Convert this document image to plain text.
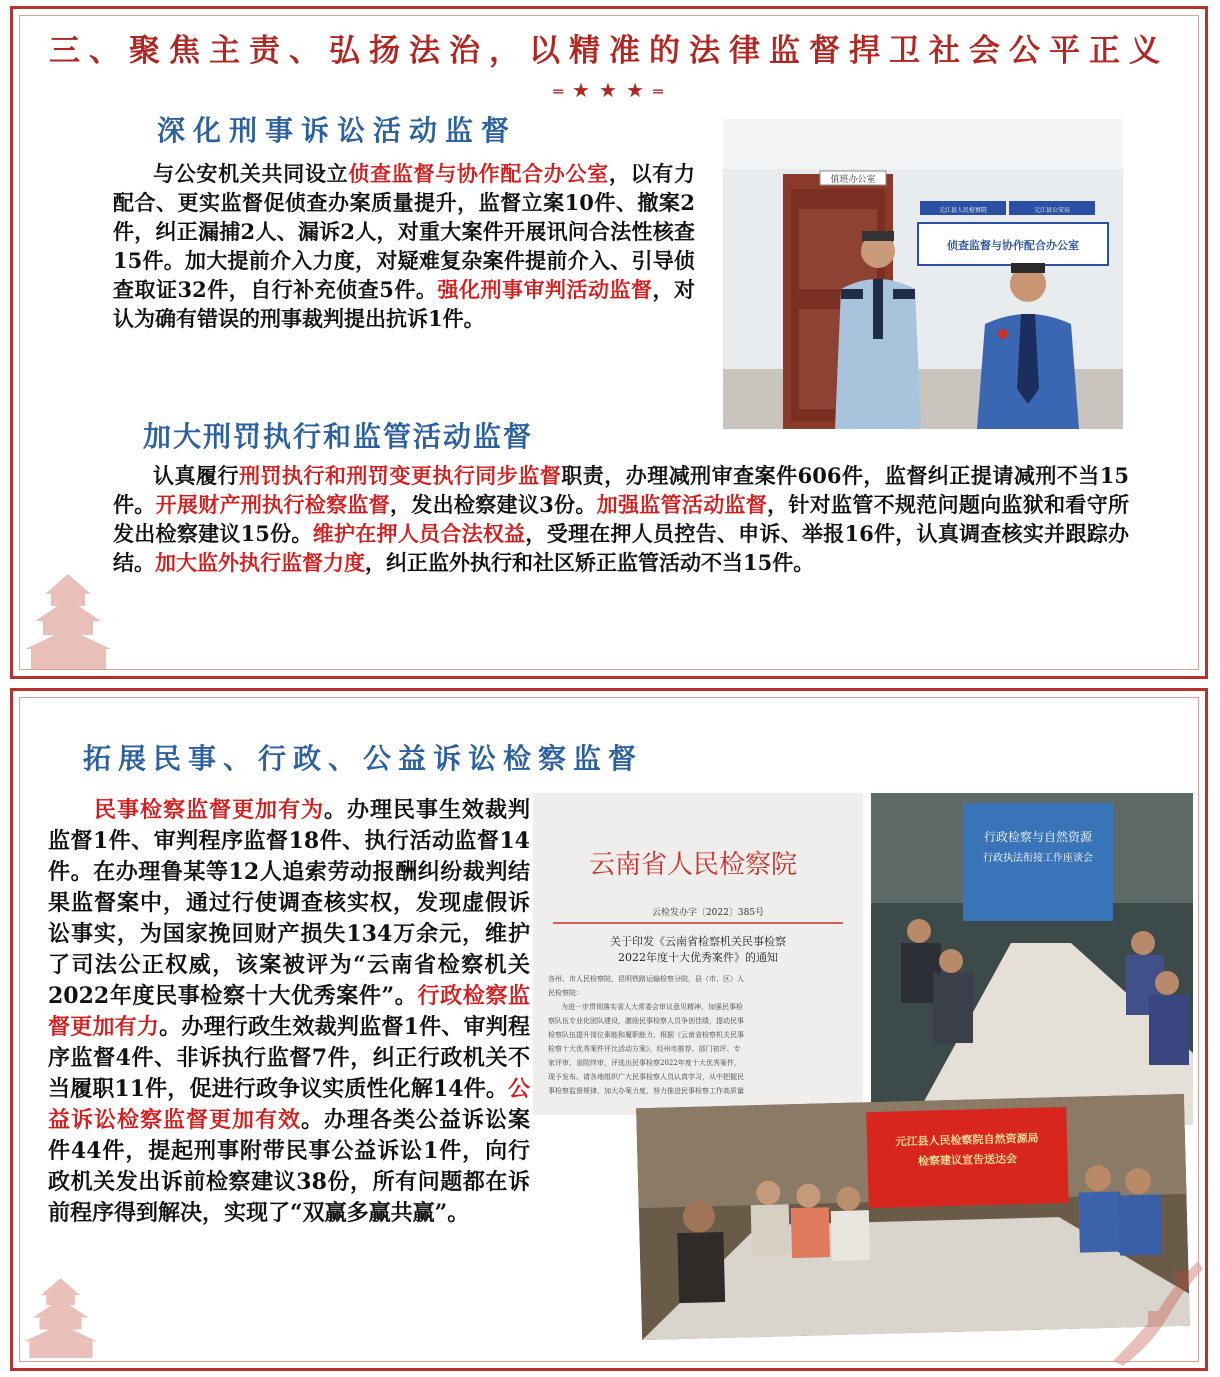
三、聚焦主责、弘扬法治，以精准的法律监督捍卫社会公平正义
═ ★ ★ ★ ═
深化刑事诉讼活动监督
与公安机关共同设立侦查监督与协作配合办公室，以有力配合、更实监督促侦查办案质量提升，监督立案10件、撤案2件，纠正漏捕2人、漏诉2人，对重大案件开展讯问合法性核查15件。加大提前介入力度，对疑难复杂案件提前介入、引导侦查取证32件，自行补充侦查5件。强化刑事审判活动监督，对认为确有错误的刑事裁判提出抗诉1件。
值班办公室
元江县人民检察院	元江县公安局
侦查监督与协作配合办公室
加大刑罚执行和监管活动监督
认真履行刑罚执行和刑罚变更执行同步监督职责，办理减刑审查案件606件，监督纠正提请减刑不当15件。开展财产刑执行检察监督，发出检察建议3份。加强监管活动监督，针对监管不规范问题向监狱和看守所发出检察建议15份。维护在押人员合法权益，受理在押人员控告、申诉、举报16件，认真调查核实并跟踪办结。加大监外执行监督力度，纠正监外执行和社区矫正监管活动不当15件。
拓展民事、行政、公益诉讼检察监督
民事检察监督更加有为。办理民事生效裁判监督1件、审判程序监督18件、执行活动监督14件。在办理鲁某等12人追索劳动报酬纠纷裁判结果监督案中，通过行使调查核实权，发现虚假诉讼事实，为国家挽回财产损失134万余元，维护了司法公正权威，该案被评为“云南省检察机关2022年度民事检察十大优秀案件”。行政检察监督更加有力。办理行政生效裁判监督1件、审判程序监督4件、非诉执行监督7件，纠正行政机关不当履职11件，促进行政争议实质性化解14件。公益诉讼检察监督更加有效。办理各类公益诉讼案件44件，提起刑事附带民事公益诉讼1件，向行政机关发出诉前检察建议38份，所有问题都在诉前程序得到解决，实现了“双赢多赢共赢”。
云南省人民检察院
云检发办字〔2022〕385号
关于印发《云南省检察机关民事检察
2022年度十大优秀案件》的通知
各州、市人民检察院，昆明铁路运输检察分院，县（市、区）人
民检察院：
为进一步贯彻落实省人大常委会审议意见精神，加强民事检
察队伍专业化团队建设，激励民事检察人员争创佳绩，提动民事
检察队伍提升岗位素能和履职能力，根据《云南省检察机关民事
检察十大优秀案件评比活动方案》，经州市推荐、部门初评、专
家评审、省院终审，评选出民事检察2022年度十大优秀案件，
现予发布。请各地组织广大民事检察人员认真学习，从中把握民
事检察监督规律，加大办案力度，努力推进民事检察工作高质量
行政检察与自然资源
行政执法衔接工作座谈会
元江县人民检察院自然资源局
检察建议宣告送达会
